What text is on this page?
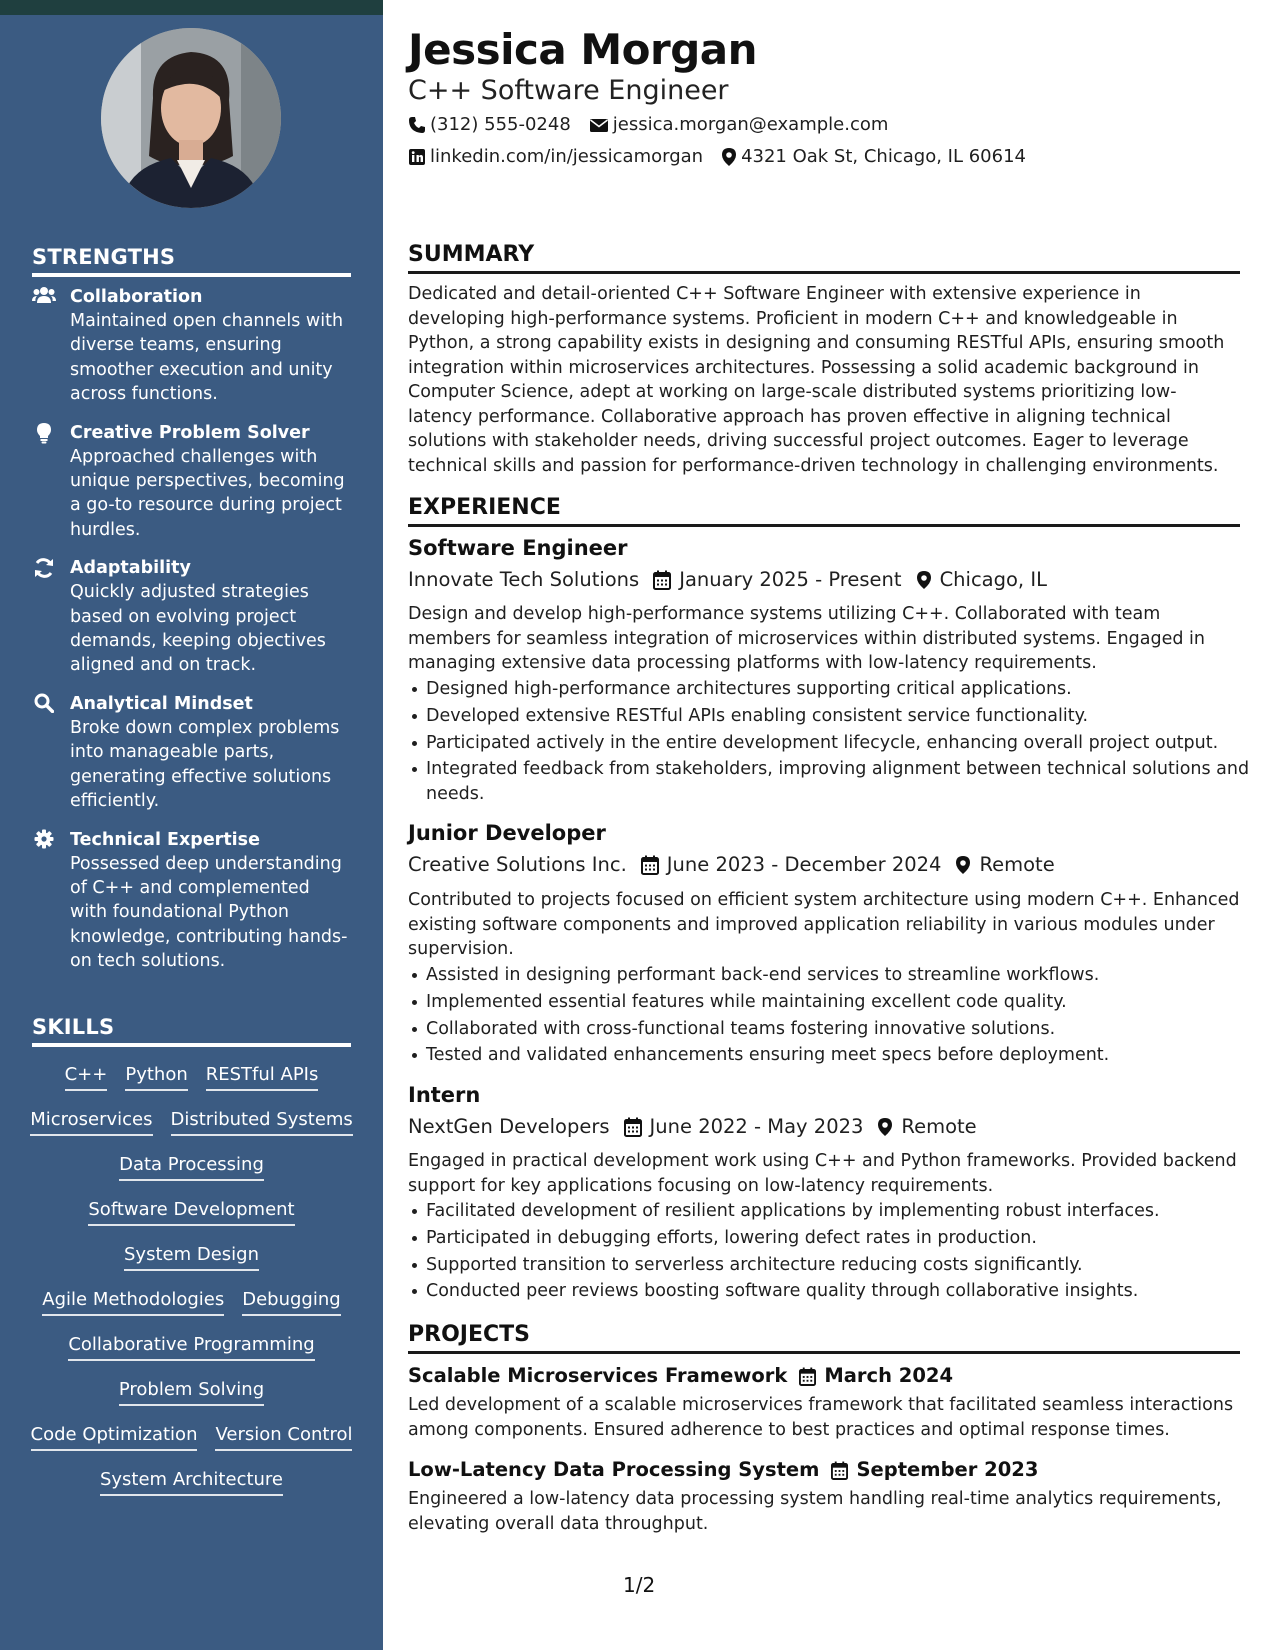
STRENGTHS
Collaboration
Maintained open channels with diverse teams, ensuring smoother execution and unity across functions.
Creative Problem Solver
Approached challenges with unique perspectives, becoming a go-to resource during project hurdles.
Adaptability
Quickly adjusted strategies based on evolving project demands, keeping objectives aligned and on track.
Analytical Mindset
Broke down complex problems into manageable parts, generating effective solutions efficiently.
Technical Expertise
Possessed deep understanding of C++ and complemented with foundational Python knowledge, contributing hands-on tech solutions.
SKILLS
C++ Python RESTful APIs
Microservices Distributed Systems
Data Processing
Software Development
System Design
Agile Methodologies Debugging
Collaborative Programming
Problem Solving
Code Optimization Version Control
System Architecture
Jessica Morgan
C++ Software Engineer
(312) 555-0248 jessica.morgan@example.com
linkedin.com/in/jessicamorgan 4321 Oak St, Chicago, IL 60614
SUMMARY
Dedicated and detail-oriented C++ Software Engineer with extensive experience in developing high-performance systems. Proficient in modern C++ and knowledgeable in Python, a strong capability exists in designing and consuming RESTful APIs, ensuring smooth integration within microservices architectures. Possessing a solid academic background in Computer Science, adept at working on large-scale distributed systems prioritizing low-latency performance. Collaborative approach has proven effective in aligning technical solutions with stakeholder needs, driving successful project outcomes. Eager to leverage technical skills and passion for performance-driven technology in challenging environments.
EXPERIENCE
Software Engineer
Innovate Tech Solutions January 2025 - Present Chicago, IL
Design and develop high-performance systems utilizing C++. Collaborated with team members for seamless integration of microservices within distributed systems. Engaged in managing extensive data processing platforms with low-latency requirements.
Designed high-performance architectures supporting critical applications.
Developed extensive RESTful APIs enabling consistent service functionality.
Participated actively in the entire development lifecycle, enhancing overall project output.
Integrated feedback from stakeholders, improving alignment between technical solutions and needs.
Junior Developer
Creative Solutions Inc. June 2023 - December 2024 Remote
Contributed to projects focused on efficient system architecture using modern C++. Enhanced existing software components and improved application reliability in various modules under supervision.
Assisted in designing performant back-end services to streamline workflows.
Implemented essential features while maintaining excellent code quality.
Collaborated with cross-functional teams fostering innovative solutions.
Tested and validated enhancements ensuring meet specs before deployment.
Intern
NextGen Developers June 2022 - May 2023 Remote
Engaged in practical development work using C++ and Python frameworks. Provided backend support for key applications focusing on low-latency requirements.
Facilitated development of resilient applications by implementing robust interfaces.
Participated in debugging efforts, lowering defect rates in production.
Supported transition to serverless architecture reducing costs significantly.
Conducted peer reviews boosting software quality through collaborative insights.
PROJECTS
Scalable Microservices Framework March 2024
Led development of a scalable microservices framework that facilitated seamless interactions among components. Ensured adherence to best practices and optimal response times.
Low-Latency Data Processing System September 2023
Engineered a low-latency data processing system handling real-time analytics requirements, elevating overall data throughput.
1/2
